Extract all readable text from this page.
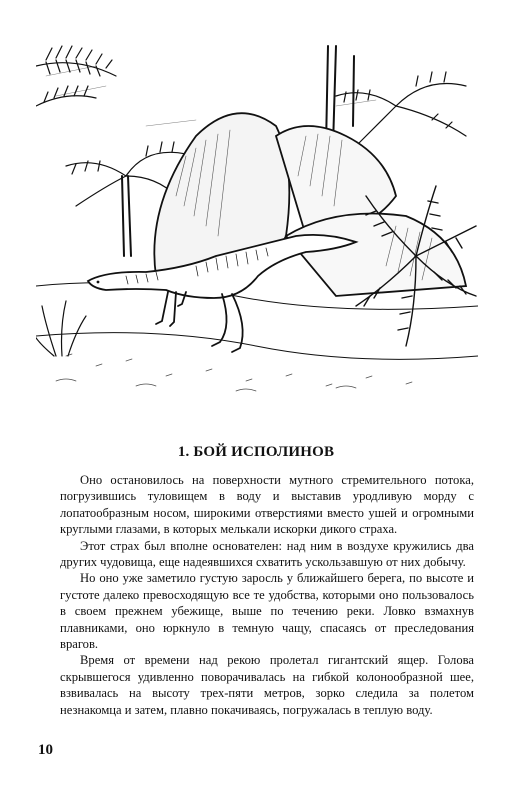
1. БОЙ ИСПОЛИНОВ

Оно остановилось на поверхности мутного стремительного потока, погрузившись туловищем в воду и выставив уродливую морду с лопатообразным носом, широкими отверстиями вместо ушей и огромными круглыми глазами, в которых мелькали искорки дикого страха.

Этот страх был вполне основателен: над ним в воздухе кружились два других чудовища, еще надеявшихся схватить ускользавшую от них добычу.

Но оно уже заметило густую заросль у ближайшего берега, по высоте и густоте далеко превосходящую все те удобства, которыми оно пользовалось в своем прежнем убежище, выше по течению реки. Ловко взмахнув плавниками, оно юркнуло в темную чащу, спасаясь от преследования врагов.

Время от времени над рекою пролетал гигантский ящер. Голова скрывшегося удивленно поворачивалась на гибкой колонообразной шее, взвивалась на высоту трех-пяти метров, зорко следила за полетом незнакомца и затем, плавно покачиваясь, погружалась в теплую воду.

10
